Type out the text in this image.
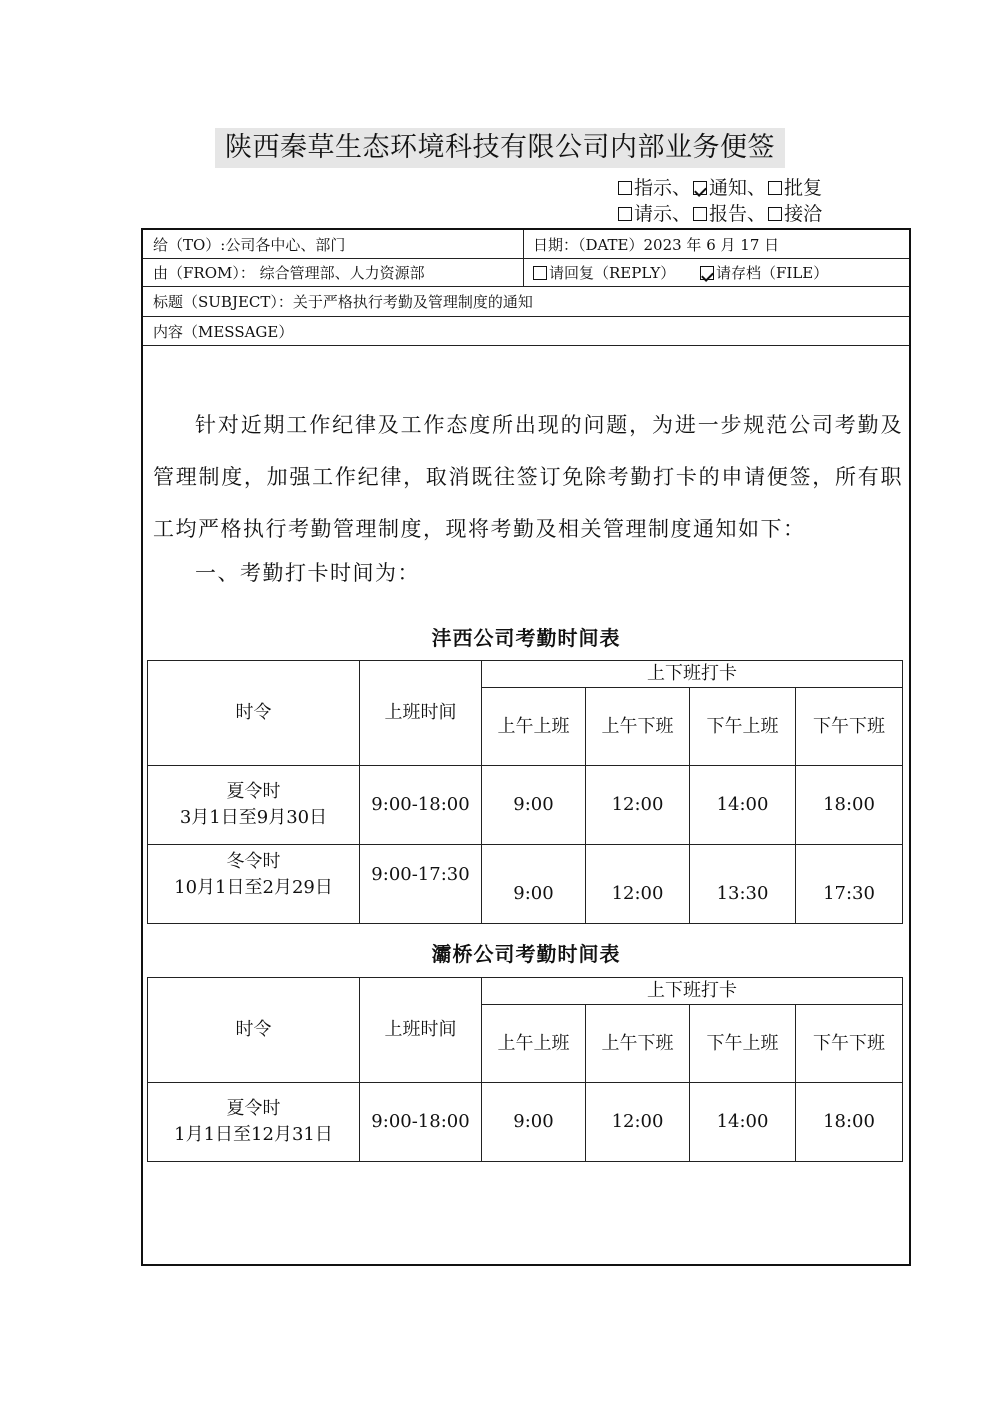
陕西秦草生态环境科技有限公司内部业务便签
指示、 通知、 批复
请示、 报告、 接洽
给（TO）:公司各中心、部门	日期：（DATE）2023 年 6 月 17 日
由（FROM）： 综合管理部、人力资源部	请回复（REPLY）	请存档（FILE）
标题（SUBJECT）：关于严格执行考勤及管理制度的通知
内容（MESSAGE）

针对近期工作纪律及工作态度所出现的问题，为进一步规范公司考勤及管理制度，加强工作纪律，取消既往签订免除考勤打卡的申请便签，所有职工均严格执行考勤管理制度，现将考勤及相关管理制度通知如下：

一、考勤打卡时间为：
沣西公司考勤时间表
时令	上班时间	上下班打卡			
		上午上班	上午下班	下午上班	下午下班

夏令时
3月1日至9月30日	9:00-18:00	9:00	12:00	14:00	18:00

冬令时
10月1日至2月29日	9:00-17:30	9:00	12:00	13:30	17:30
灞桥公司考勤时间表
时令	上班时间	上下班打卡			
		上午上班	上午下班	下午上班	下午下班

夏令时
1月1日至12月31日	9:00-18:00	9:00	12:00	14:00	18:00
